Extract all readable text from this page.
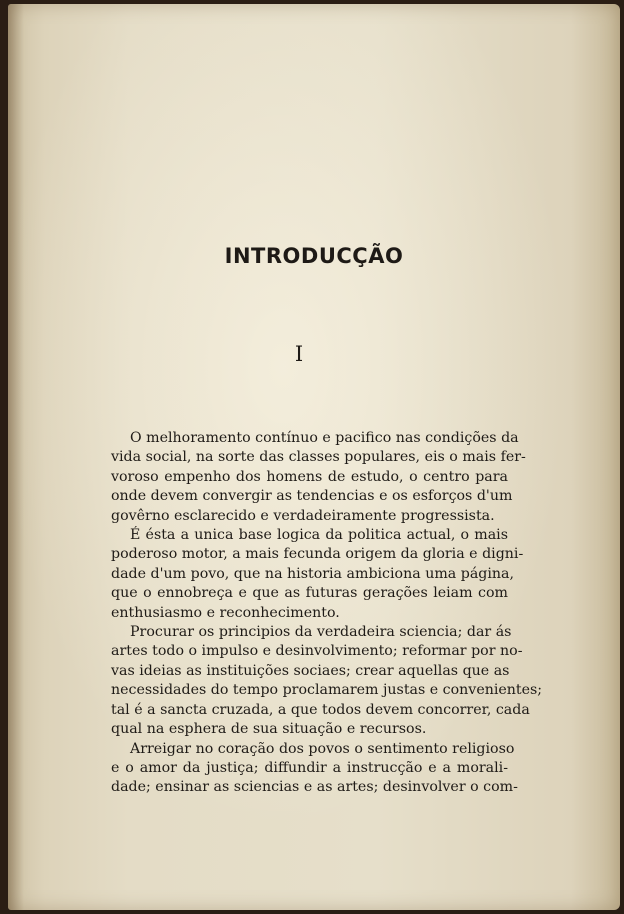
INTRODUCÇÃO
I

O melhoramento contínuo e pacifico nas condições da
vida social, na sorte das classes populares, eis o mais fer-
voroso empenho dos homens de estudo, o centro para
onde devem convergir as tendencias e os esforços d'um
govêrno esclarecido e verdadeiramente progressista.

É ésta a unica base logica da politica actual, o mais
poderoso motor, a mais fecunda origem da gloria e digni-
dade d'um povo, que na historia ambiciona uma página,
que o ennobreça e que as futuras gerações leiam com
enthusiasmo e reconhecimento.

Procurar os principios da verdadeira sciencia; dar ás
artes todo o impulso e desinvolvimento; reformar por no-
vas ideias as instituições sociaes; crear aquellas que as
necessidades do tempo proclamarem justas e convenientes;
tal é a sancta cruzada, a que todos devem concorrer, cada
qual na esphera de sua situação e recursos.

Arreigar no coração dos povos o sentimento religioso
e o amor da justiça; diffundir a instrucção e a morali-
dade; ensinar as sciencias e as artes; desinvolver o com-
